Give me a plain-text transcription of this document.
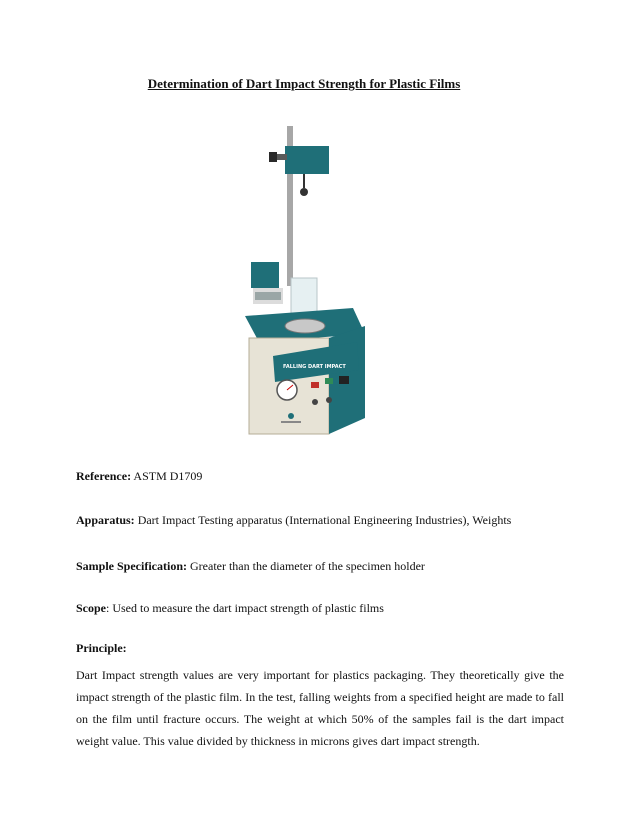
Determination of Dart Impact Strength for Plastic Films
FALLING DART IMPACT
Reference: ASTM D1709
Apparatus: Dart Impact Testing apparatus (International Engineering Industries), Weights
Sample Specification: Greater than the diameter of the specimen holder
Scope: Used to measure the dart impact strength of plastic films
Principle:
Dart Impact strength values are very important for plastics packaging. They theoretically give the impact strength of the plastic film. In the test, falling weights from a specified height are made to fall on the film until fracture occurs. The weight at which 50% of the samples fail is the dart impact weight value. This value divided by thickness in microns gives dart impact strength.
